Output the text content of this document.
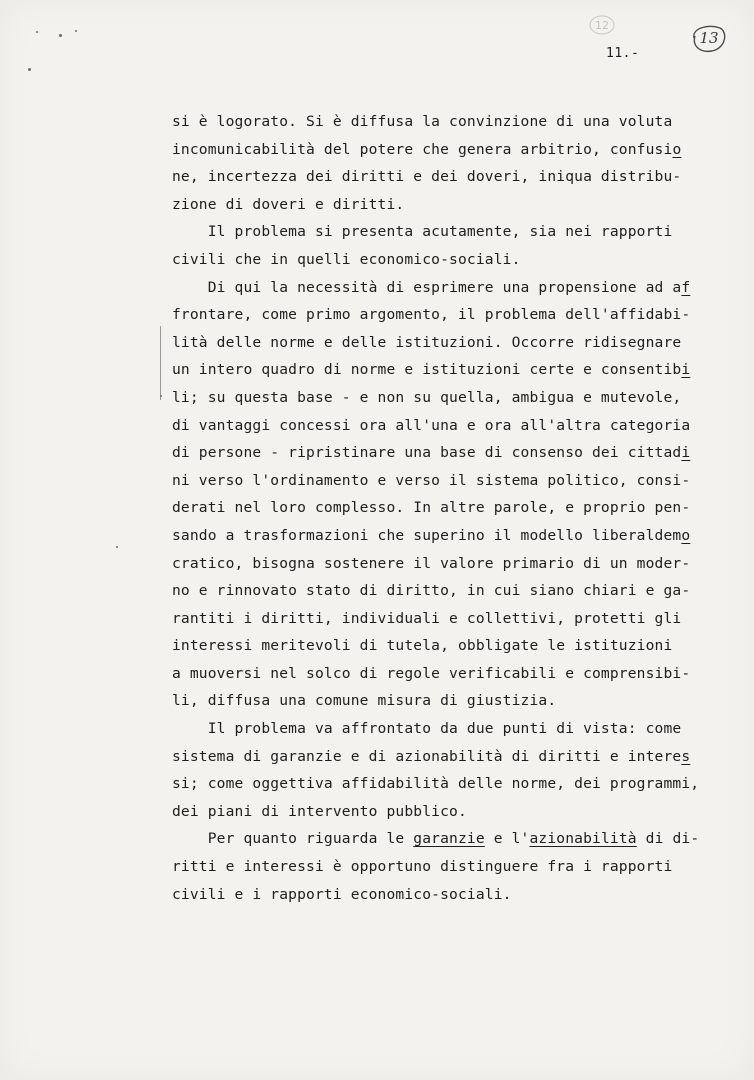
12
13
11.-
si è logorato. Si è diffusa la convinzione di una voluta
incomunicabilità del potere che genera arbitrio, confusio
ne, incertezza dei diritti e dei doveri, iniqua distribu-
zione di doveri e diritti.
Il problema si presenta acutamente, sia nei rapporti
civili che in quelli economico-sociali.
Di qui la necessità di esprimere una propensione ad af
frontare, come primo argomento, il problema dell'affidabi-
lità delle norme e delle istituzioni. Occorre ridisegnare
un intero quadro di norme e istituzioni certe e consentibi
li; su questa base - e non su quella, ambigua e mutevole,
di vantaggi concessi ora all'una e ora all'altra categoria
di persone - ripristinare una base di consenso dei cittadi
ni verso l'ordinamento e verso il sistema politico, consi-
derati nel loro complesso. In altre parole, e proprio pen-
sando a trasformazioni che superino il modello liberaldemo
cratico, bisogna sostenere il valore primario di un moder-
no e rinnovato stato di diritto, in cui siano chiari e ga-
rantiti i diritti, individuali e collettivi, protetti gli
interessi meritevoli di tutela, obbligate le istituzioni
a muoversi nel solco di regole verificabili e comprensibi-
li, diffusa una comune misura di giustizia.
Il problema va affrontato da due punti di vista: come
sistema di garanzie e di azionabilità di diritti e interes
si; come oggettiva affidabilità delle norme, dei programmi,
dei piani di intervento pubblico.
Per quanto riguarda le garanzie e l'azionabilità di di-
ritti e interessi è opportuno distinguere fra i rapporti
civili e i rapporti economico-sociali.
